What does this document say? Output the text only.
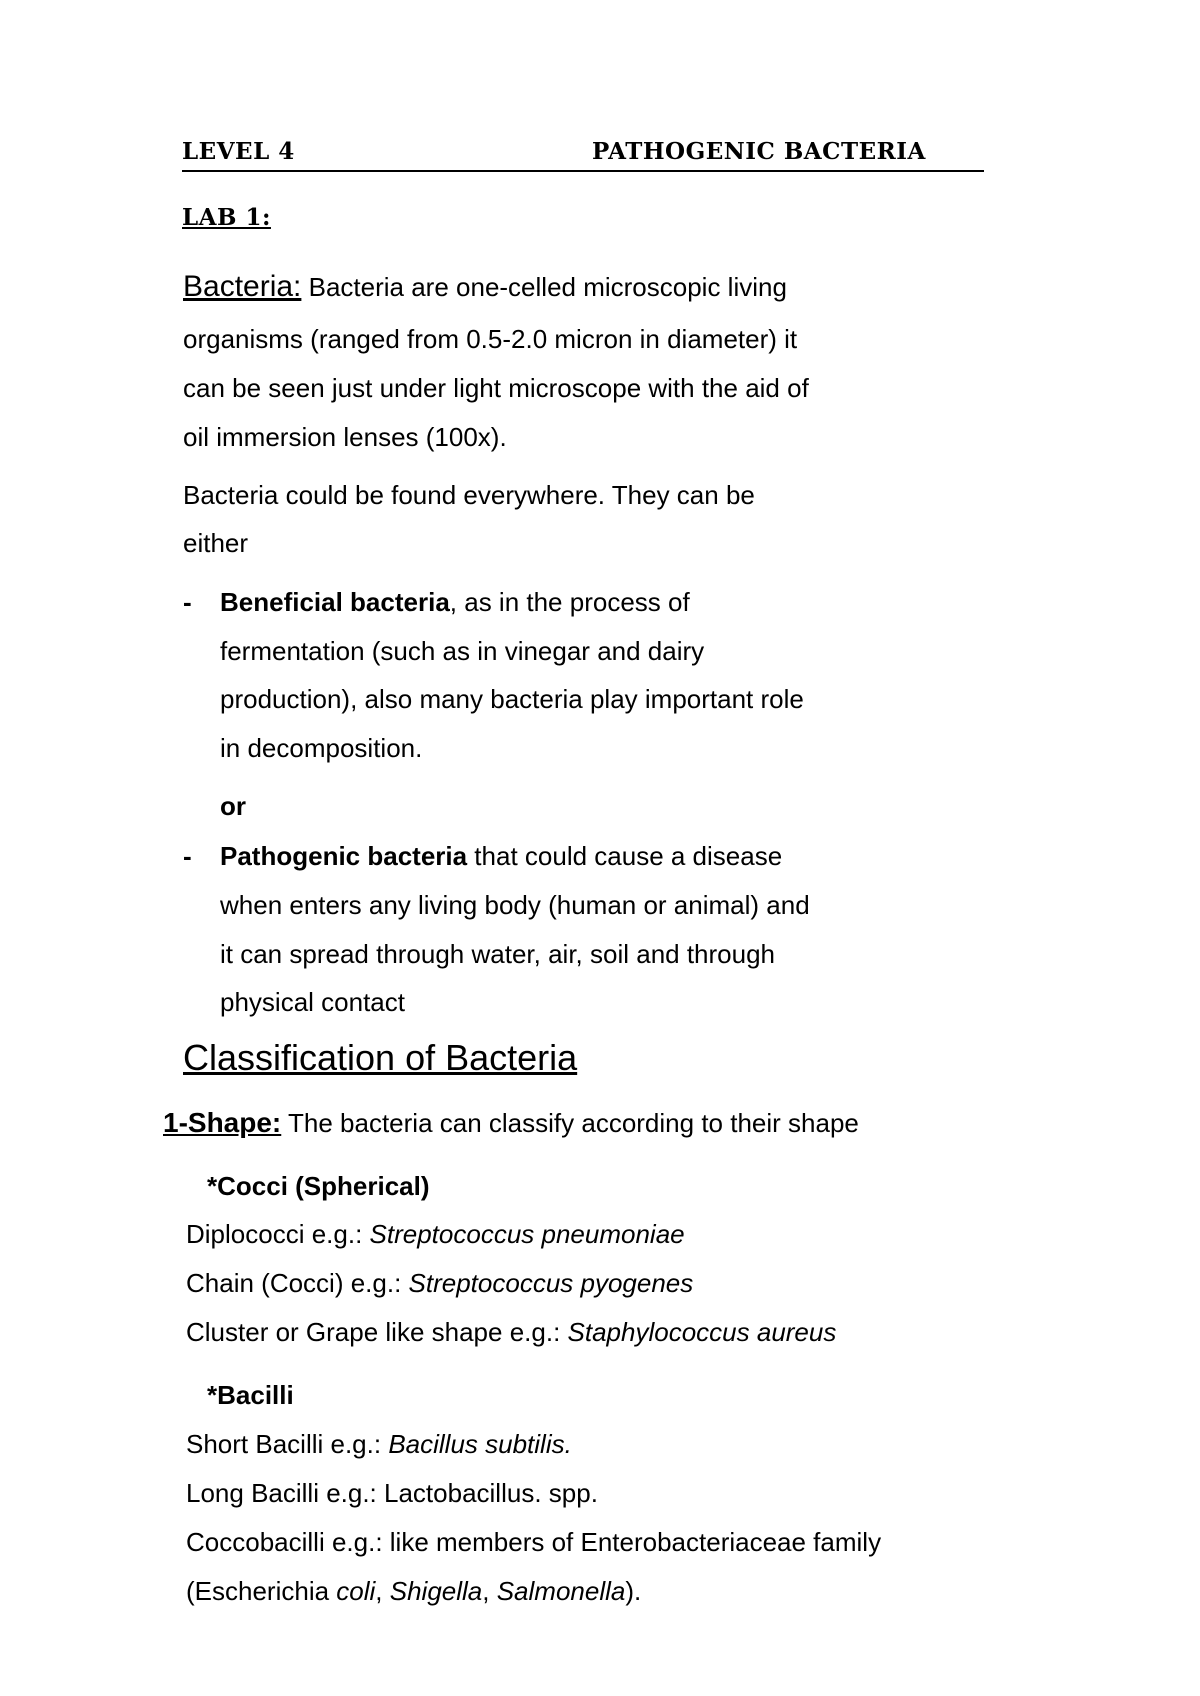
LEVEL 4	PATHOGENIC BACTERIA
LAB 1:
Bacteria: Bacteria are one-celled microscopic living
organisms (ranged from 0.5-2.0 micron in diameter) it
can be seen just under light microscope with the aid of
oil immersion lenses (100x).
Bacteria could be found everywhere. They can be
either
- Beneficial bacteria, as in the process of
fermentation (such as in vinegar and dairy
production), also many bacteria play important role
in decomposition.
or
- Pathogenic bacteria that could cause a disease
when enters any living body (human or animal) and
it can spread through water, air, soil and through
physical contact
Classification of Bacteria
1-Shape: The bacteria can classify according to their shape
*Cocci (Spherical)
Diplococci e.g.: Streptococcus pneumoniae
Chain (Cocci) e.g.: Streptococcus pyogenes
Cluster or Grape like shape e.g.: Staphylococcus aureus
*Bacilli
Short Bacilli e.g.: Bacillus subtilis.
Long Bacilli e.g.: Lactobacillus. spp.
Coccobacilli e.g.: like members of Enterobacteriaceae family
(Escherichia coli, Shigella, Salmonella).
